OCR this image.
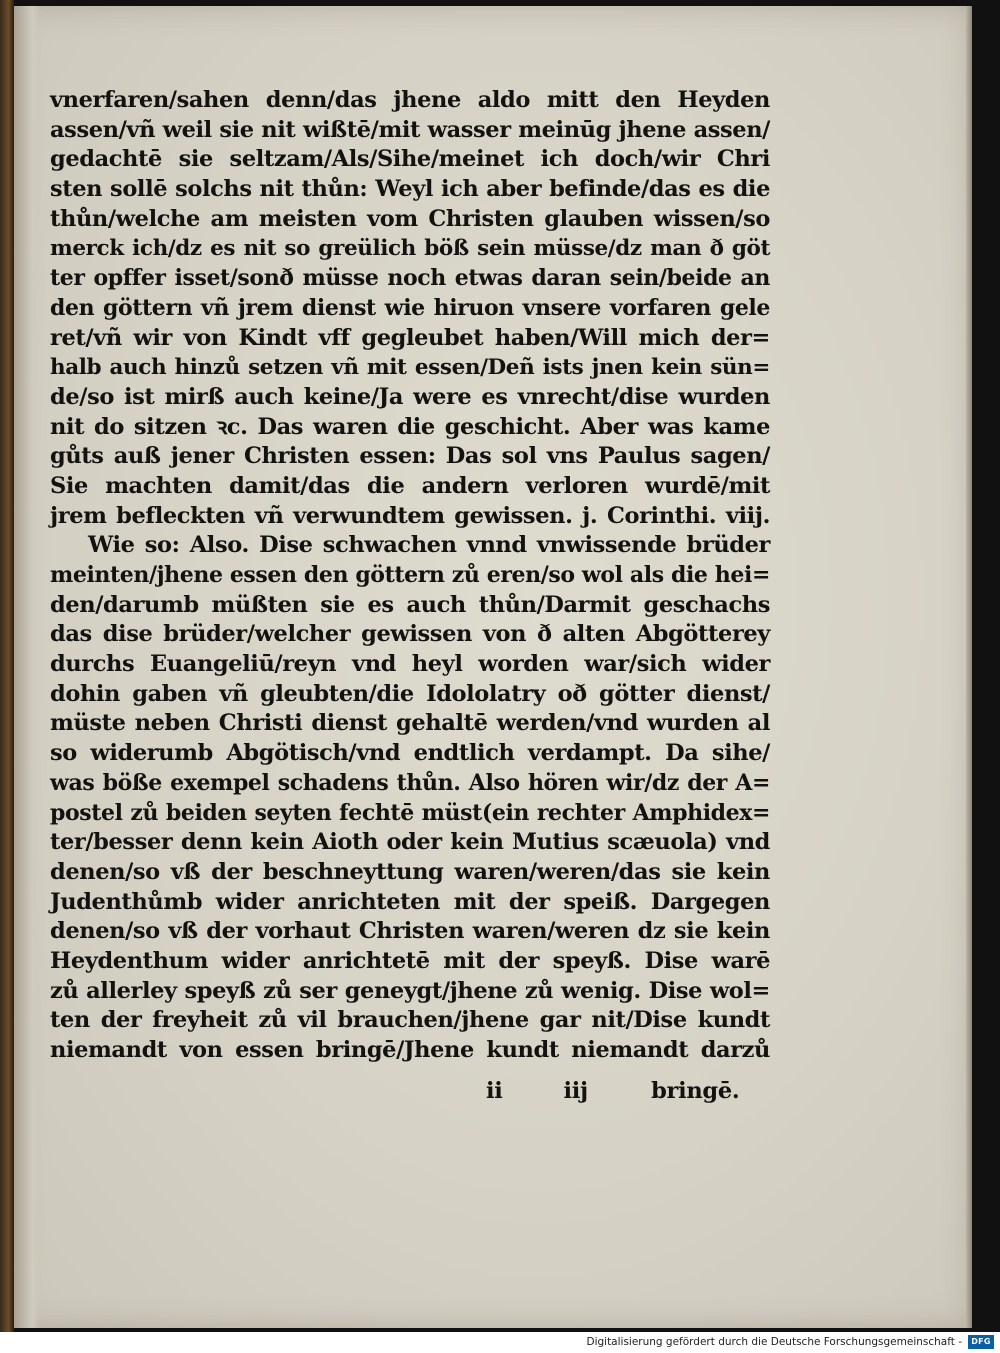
vnerfaren/sahen denn/das jhene aldo mitt den Heyden
assen/vñ weil sie nit wißtē/mit wasser meinūg jhene assen/
gedachtē sie seltzam/Als/Sihe/meinet ich doch/wir Chri
sten sollē solchs nit thůn: Weyl ich aber befinde/das es die
thůn/welche am meisten vom Christen glauben wissen/so
merck ich/dz es nit so greülich böß sein müsse/dz man ð göt
ter opffer isset/sonð müsse noch etwas daran sein/beide an
den göttern vñ jrem dienst wie hiruon vnsere vorfaren gele
ret/vñ wir von Kindt vff gegleubet haben/Will mich der=
halb auch hinzů setzen vñ mit essen/Deñ ists jnen kein sün=
de/so ist mirß auch keine/Ja were es vnrecht/dise wurden
nit do sitzen ꝛc. Das waren die geschicht. Aber was kame
gůts auß jener Christen essen: Das sol vns Paulus sagen/
Sie machten damit/das die andern verloren wurdē/mit
jrem befleckten vñ verwundtem gewissen. j. Corinthi. viij.
Wie so: Also. Dise schwachen vnnd vnwissende brüder
meinten/jhene essen den göttern zů eren/so wol als die hei=
den/darumb müßten sie es auch thůn/Darmit geschachs
das dise brüder/welcher gewissen von ð alten Abgötterey
durchs Euangeliū/reyn vnd heyl worden war/sich wider
dohin gaben vñ gleubten/die Idololatry oð götter dienst/
müste neben Christi dienst gehaltē werden/vnd wurden al
so widerumb Abgötisch/vnd endtlich verdampt. Da sihe/
was böße exempel schadens thůn. Also hören wir/dz der A=
postel zů beiden seyten fechtē müst(ein rechter Amphidex=
ter/besser denn kein Aioth oder kein Mutius scæuola) vnd
denen/so vß der beschneyttung waren/weren/das sie kein
Judenthůmb wider anrichteten mit der speiß. Dargegen
denen/so vß der vorhaut Christen waren/weren dz sie kein
Heydenthum wider anrichtetē mit der speyß. Dise warē
zů allerley speyß zů ser geneygt/jhene zů wenig. Dise wol=
ten der freyheit zů vil brauchen/jhene gar nit/Dise kundt
niemandt von essen bringē/Jhene kundt niemandt darzů
ii	iij	bringē.
Digitalisierung gefördert durch die Deutsche Forschungsgemeinschaft -	DFG
